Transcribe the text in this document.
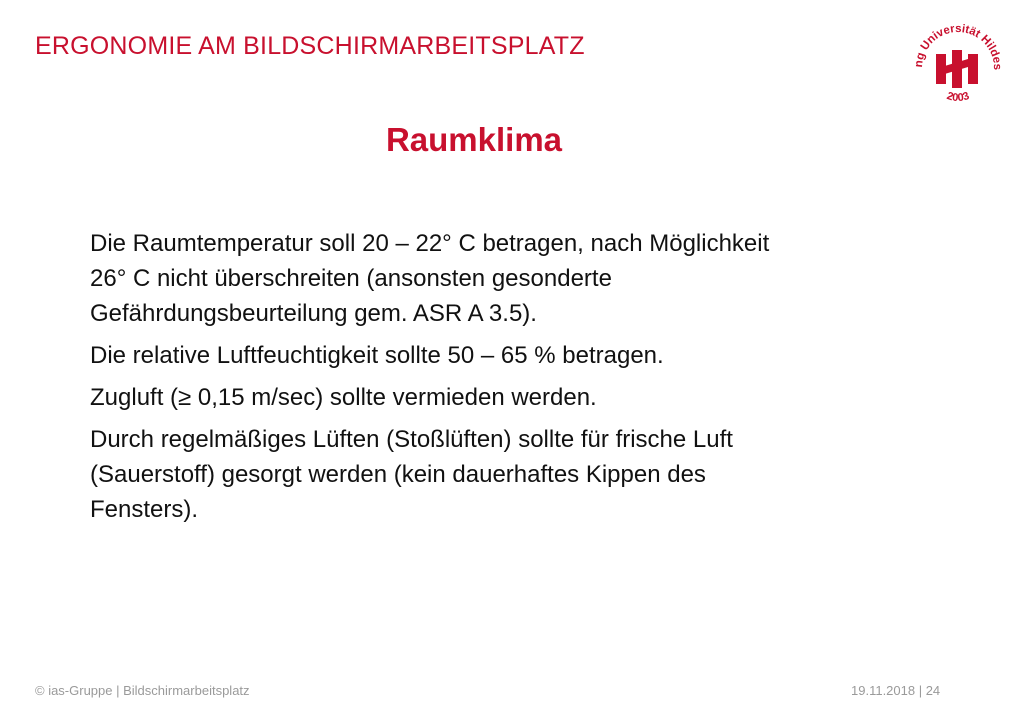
ERGONOMIE AM BILDSCHIRMARBEITSPLATZ
ng Universität Hildes
2003
Raumklima

Die Raumtemperatur soll 20 – 22° C betragen, nach Möglichkeit 26° C nicht überschreiten (ansonsten gesonderte Gefährdungsbeurteilung gem. ASR A 3.5).

Die relative Luftfeuchtigkeit sollte 50 – 65 % betragen.

Zugluft (≥ 0,15 m/sec) sollte vermieden werden.

Durch regelmäßiges Lüften (Stoßlüften) sollte für frische Luft (Sauerstoff) gesorgt werden (kein dauerhaftes Kippen des Fensters).

© ias-Gruppe | Bildschirmarbeitsplatz	19.11.2018 | 24
